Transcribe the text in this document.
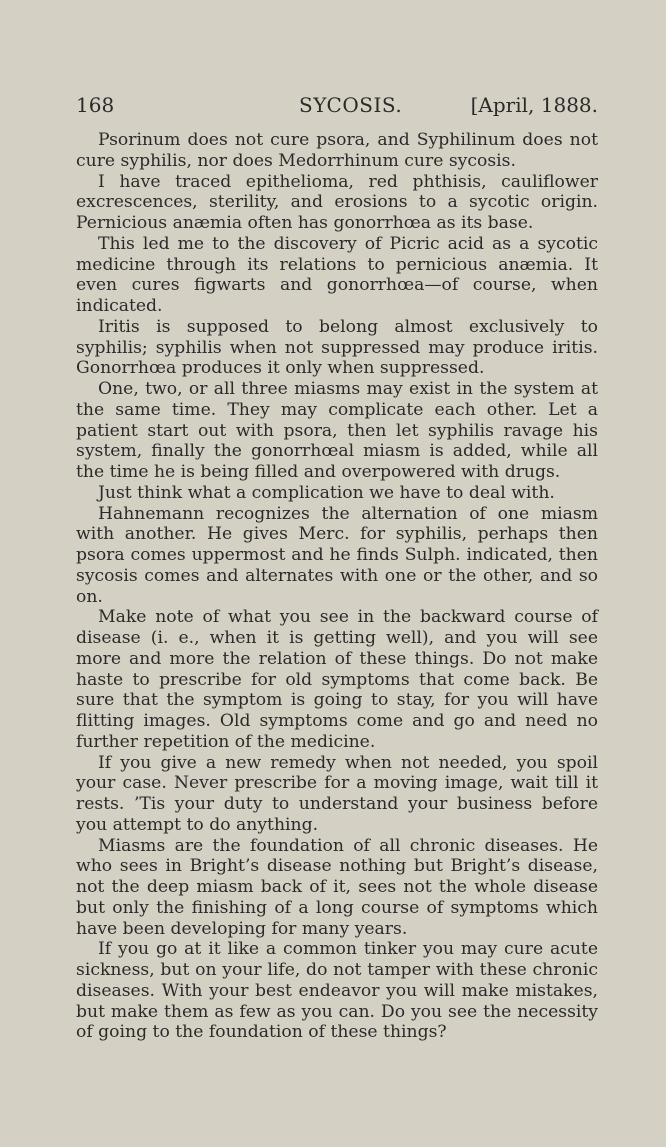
168	SYCOSIS.	[April, 1888.

Psorinum does not cure psora, and Syphilinum does not cure syphilis, nor does Medorrhinum cure sycosis.

I have traced epithelioma, red phthisis, cauliflower excrescences, sterility, and erosions to a sycotic origin. Pernicious anæmia often has gonorrhœa as its base.

This led me to the discovery of Picric acid as a sycotic medicine through its relations to pernicious anæmia. It even cures figwarts and gonorrhœa—of course, when indicated.

Iritis is supposed to belong almost exclusively to syphilis; syphilis when not suppressed may produce iritis. Gonorrhœa produces it only when suppressed.

One, two, or all three miasms may exist in the system at the same time. They may complicate each other. Let a patient start out with psora, then let syphilis ravage his system, finally the gonorrhœal miasm is added, while all the time he is being filled and overpowered with drugs.

Just think what a complication we have to deal with.

Hahnemann recognizes the alternation of one miasm with another. He gives Merc. for syphilis, perhaps then psora comes uppermost and he finds Sulph. indicated, then sycosis comes and alternates with one or the other, and so on.

Make note of what you see in the backward course of disease (i. e., when it is getting well), and you will see more and more the relation of these things. Do not make haste to prescribe for old symptoms that come back. Be sure that the symptom is going to stay, for you will have flitting images. Old symptoms come and go and need no further repetition of the medicine.

If you give a new remedy when not needed, you spoil your case. Never prescribe for a moving image, wait till it rests. ’Tis your duty to understand your business before you attempt to do anything.

Miasms are the foundation of all chronic diseases. He who sees in Bright’s disease nothing but Bright’s disease, not the deep miasm back of it, sees not the whole disease but only the finishing of a long course of symptoms which have been developing for many years.

If you go at it like a common tinker you may cure acute sickness, but on your life, do not tamper with these chronic diseases. With your best endeavor you will make mistakes, but make them as few as you can. Do you see the necessity of going to the foundation of these things?
